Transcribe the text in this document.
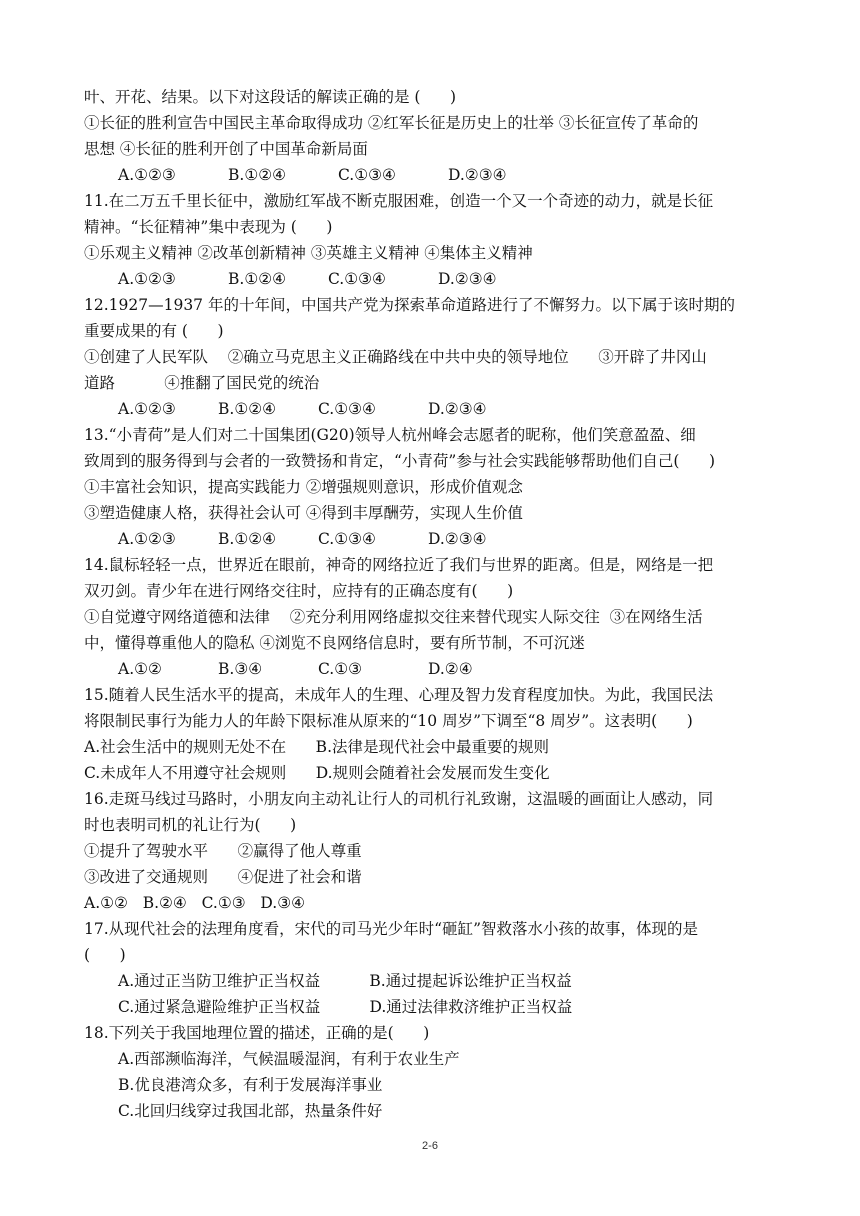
叶、开花、结果。以下对这段话的解读正确的是 (      )
①长征的胜利宣告中国民主革命取得成功 ②红军长征是历史上的壮举 ③长征宣传了革命的
思想 ④长征的胜利开创了中国革命新局面
A.①②③	B.①②④	C.①③④	D.②③④
11.在二万五千里长征中，激励红军战不断克服困难，创造一个又一个奇迹的动力，就是长征
精神。“长征精神”集中表现为 (      )
①乐观主义精神 ②改革创新精神 ③英雄主义精神 ④集体主义精神
A.①②③	B.①②④	C.①③④	D.②③④
12.1927—1937 年的十年间，中国共产党为探索革命道路进行了不懈努力。以下属于该时期的
重要成果的有 (      )
①创建了人民军队    ②确立马克思主义正确路线在中共中央的领导地位      ③开辟了井冈山
道路          ④推翻了国民党的统治
A.①②③	B.①②④	C.①③④	D.②③④
13.“小青荷”是人们对二十国集团(G20)领导人杭州峰会志愿者的昵称，他们笑意盈盈、细
致周到的服务得到与会者的一致赞扬和肯定，“小青荷”参与社会实践能够帮助他们自己(      )
①丰富社会知识，提高实践能力 ②增强规则意识，形成价值观念
③塑造健康人格，获得社会认可 ④得到丰厚酬劳，实现人生价值
A.①②③	B.①②④	C.①③④	D.②③④
14.鼠标轻轻一点，世界近在眼前，神奇的网络拉近了我们与世界的距离。但是，网络是一把
双刃剑。青少年在进行网络交往时，应持有的正确态度有(      )
①自觉遵守网络道德和法律    ②充分利用网络虚拟交往来替代现实人际交往  ③在网络生活
中，懂得尊重他人的隐私 ④浏览不良网络信息时，要有所节制，不可沉迷
A.①②	B.③④	C.①③	D.②④
15.随着人民生活水平的提高，未成年人的生理、心理及智力发育程度加快。为此，我国民法
将限制民事行为能力人的年龄下限标准从原来的“10 周岁”下调至“8 周岁”。这表明(      )
A.社会生活中的规则无处不在      B.法律是现代社会中最重要的规则
C.未成年人不用遵守社会规则      D.规则会随着社会发展而发生变化
16.走斑马线过马路时，小朋友向主动礼让行人的司机行礼致谢，这温暖的画面让人感动，同
时也表明司机的礼让行为(      )
①提升了驾驶水平      ②赢得了他人尊重
③改进了交通规则      ④促进了社会和谐
A.①②   B.②④   C.①③   D.③④
17.从现代社会的法理角度看，宋代的司马光少年时“砸缸”智救落水小孩的故事，体现的是
(      )
A.通过正当防卫维护正当权益          B.通过提起诉讼维护正当权益
C.通过紧急避险维护正当权益          D.通过法律救济维护正当权益
18.下列关于我国地理位置的描述，正确的是(      )
A.西部濒临海洋，气候温暖湿润，有利于农业生产
B.优良港湾众多，有利于发展海洋事业
C.北回归线穿过我国北部，热量条件好
2-6
